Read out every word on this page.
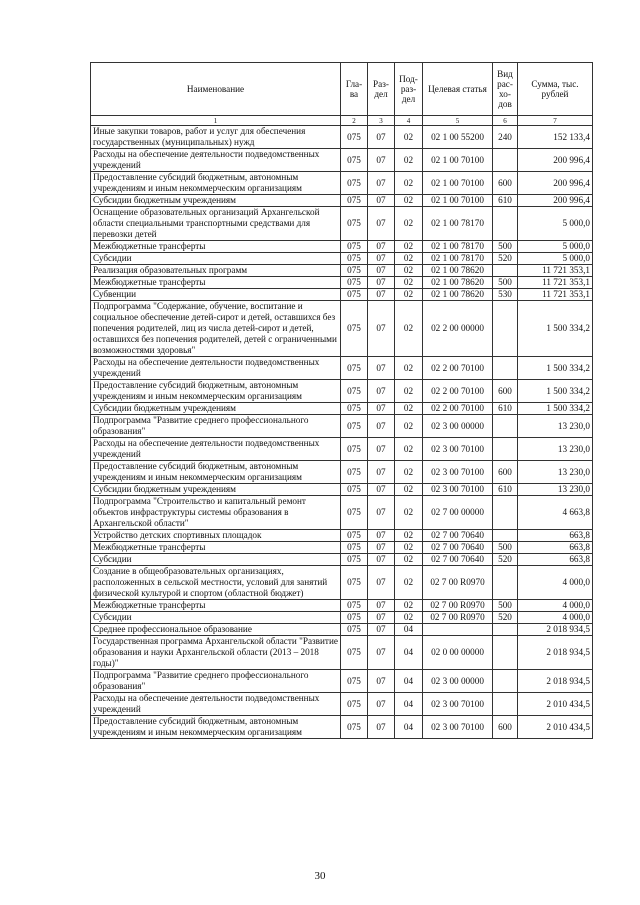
Наименование	Гла-ва	Раз-дел	Под-раз-дел	Целевая статья	Вид рас-хо-дов	Сумма, тыс. рублей
1	2	3	4	5	6	7
Иные закупки товаров, работ и услуг для обеспечения государственных (муниципальных) нужд	075	07	02	02 1 00 55200	240	152 133,4
Расходы на обеспечение деятельности подведомственных учреждений	075	07	02	02 1 00 70100		200 996,4
Предоставление субсидий бюджетным, автономным учреждениям и иным некоммерческим организациям	075	07	02	02 1 00 70100	600	200 996,4
Субсидии бюджетным учреждениям	075	07	02	02 1 00 70100	610	200 996,4
Оснащение образовательных организаций Архангельской области специальными транспортными средствами для перевозки детей	075	07	02	02 1 00 78170		5 000,0
Межбюджетные трансферты	075	07	02	02 1 00 78170	500	5 000,0
Субсидии	075	07	02	02 1 00 78170	520	5 000,0
Реализация образовательных программ	075	07	02	02 1 00 78620		11 721 353,1
Межбюджетные трансферты	075	07	02	02 1 00 78620	500	11 721 353,1
Субвенции	075	07	02	02 1 00 78620	530	11 721 353,1
Подпрограмма "Содержание, обучение, воспитание и социальное обеспечение детей-сирот и детей, оставшихся без попечения родителей, лиц из числа детей-сирот и детей, оставшихся без попечения родителей, детей с ограниченными возможностями здоровья"	075	07	02	02 2 00 00000		1 500 334,2
Расходы на обеспечение деятельности подведомственных учреждений	075	07	02	02 2 00 70100		1 500 334,2
Предоставление субсидий бюджетным, автономным учреждениям и иным некоммерческим организациям	075	07	02	02 2 00 70100	600	1 500 334,2
Субсидии бюджетным учреждениям	075	07	02	02 2 00 70100	610	1 500 334,2
Подпрограмма "Развитие среднего профессионального образования"	075	07	02	02 3 00 00000		13 230,0
Расходы на обеспечение деятельности подведомственных учреждений	075	07	02	02 3 00 70100		13 230,0
Предоставление субсидий бюджетным, автономным учреждениям и иным некоммерческим организациям	075	07	02	02 3 00 70100	600	13 230,0
Субсидии бюджетным учреждениям	075	07	02	02 3 00 70100	610	13 230,0
Подпрограмма "Строительство и капитальный ремонт объектов инфраструктуры системы образования в Архангельской области"	075	07	02	02 7 00 00000		4 663,8
Устройство детских спортивных площадок	075	07	02	02 7 00 70640		663,8
Межбюджетные трансферты	075	07	02	02 7 00 70640	500	663,8
Субсидии	075	07	02	02 7 00 70640	520	663,8
Создание в общеобразовательных организациях, расположенных в сельской местности, условий для занятий физической культурой и спортом (областной бюджет)	075	07	02	02 7 00 R0970		4 000,0
Межбюджетные трансферты	075	07	02	02 7 00 R0970	500	4 000,0
Субсидии	075	07	02	02 7 00 R0970	520	4 000,0
Среднее профессиональное образование	075	07	04			2 018 934,5
Государственная программа Архангельской области "Развитие образования и науки Архангельской области (2013 – 2018 годы)"	075	07	04	02 0 00 00000		2 018 934,5
Подпрограмма "Развитие среднего профессионального образования"	075	07	04	02 3 00 00000		2 018 934,5
Расходы на обеспечение деятельности подведомственных учреждений	075	07	04	02 3 00 70100		2 010 434,5
Предоставление субсидий бюджетным, автономным учреждениям и иным некоммерческим организациям	075	07	04	02 3 00 70100	600	2 010 434,5
30
